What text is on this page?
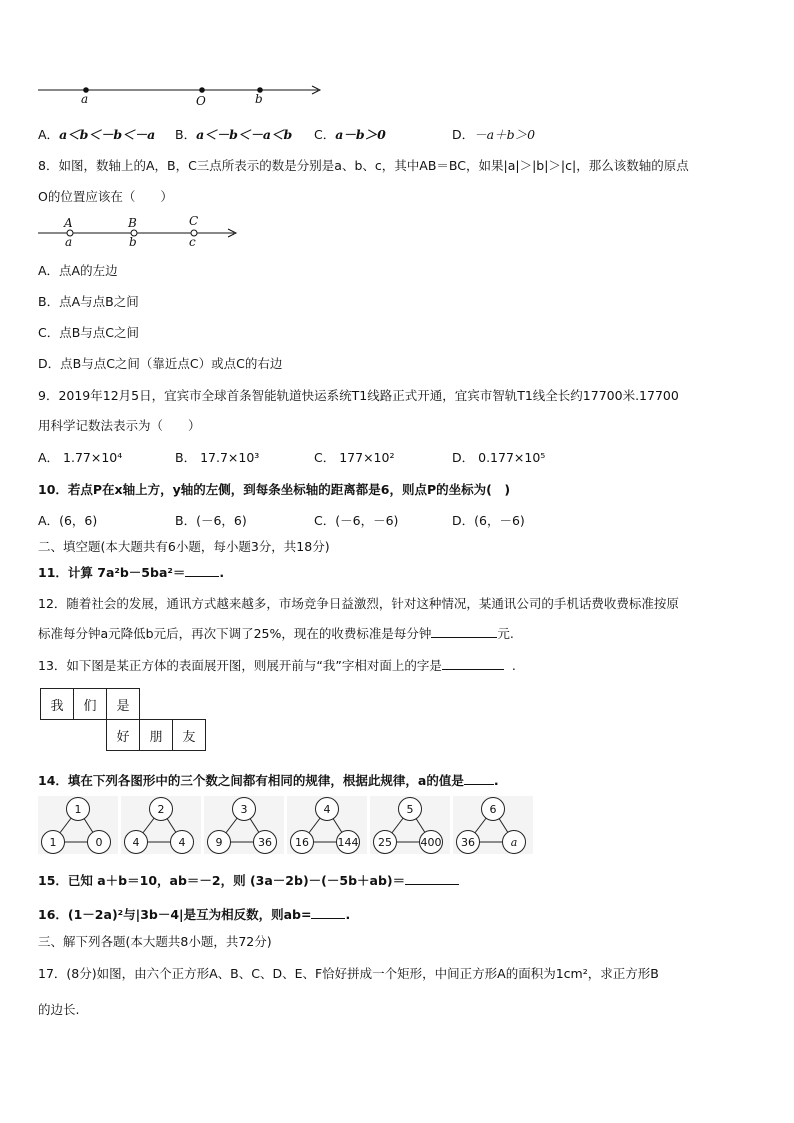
a	O	b
A．a＜b＜－b＜－a B．a＜－b＜－a＜b C．a－b＞0	D．－a＋b＞0
8．如图，数轴上的A，B，C三点所表示的数是分别是a、b、c，其中AB＝BC，如果|a|＞|b|＞|c|，那么该数轴的原点
O的位置应该在（　　）
A	B	C
a	b	c
A．点A的左边
B．点A与点B之间
C．点B与点C之间
D．点B与点C之间（靠近点C）或点C的右边
9．2019年12月5日，宜宾市全球首条智能轨道快运系统T1线路正式开通，宜宾市智轨T1线全长约17700米.17700
用科学记数法表示为（　　）
A． 1.77×10⁴	B． 17.7×10³	C． 177×10²	D． 0.177×10⁵
10．若点P在x轴上方，y轴的左侧，到每条坐标轴的距离都是6，则点P的坐标为(　)
A．(6，6)	B．(－6，6)	C．(－6，－6)	D．(6，－6)
二、填空题(本大题共有6小题，每小题3分，共18分)
11．计算 7a²b－5ba²＝	.
12．随着社会的发展，通讯方式越来越多，市场竞争日益激烈，针对这种情况，某通讯公司的手机话费收费标准按原
标准每分钟a元降低b元后，再次下调了25%，现在的收费标准是每分钟	元.
13．如下图是某正方体的表面展开图，则展开前与“我”字相对面上的字是	.
我	们	是		
		好	朋	友
14．填在下列各图形中的三个数之间都有相同的规律，根据此规律，a的值是 .
1
1	0
2
4	4
3
9	36
4
16	144
5
25	400
6
36	a
15．已知 a＋b＝10，ab＝－2，则 (3a－2b)－(－5b＋ab)＝
16．(1－2a)²与|3b－4|是互为相反数，则ab=	.
三、解下列各题(本大题共8小题，共72分)
17．(8分)如图，由六个正方形A、B、C、D、E、F恰好拼成一个矩形，中间正方形A的面积为1cm²，求正方形B
的边长.
